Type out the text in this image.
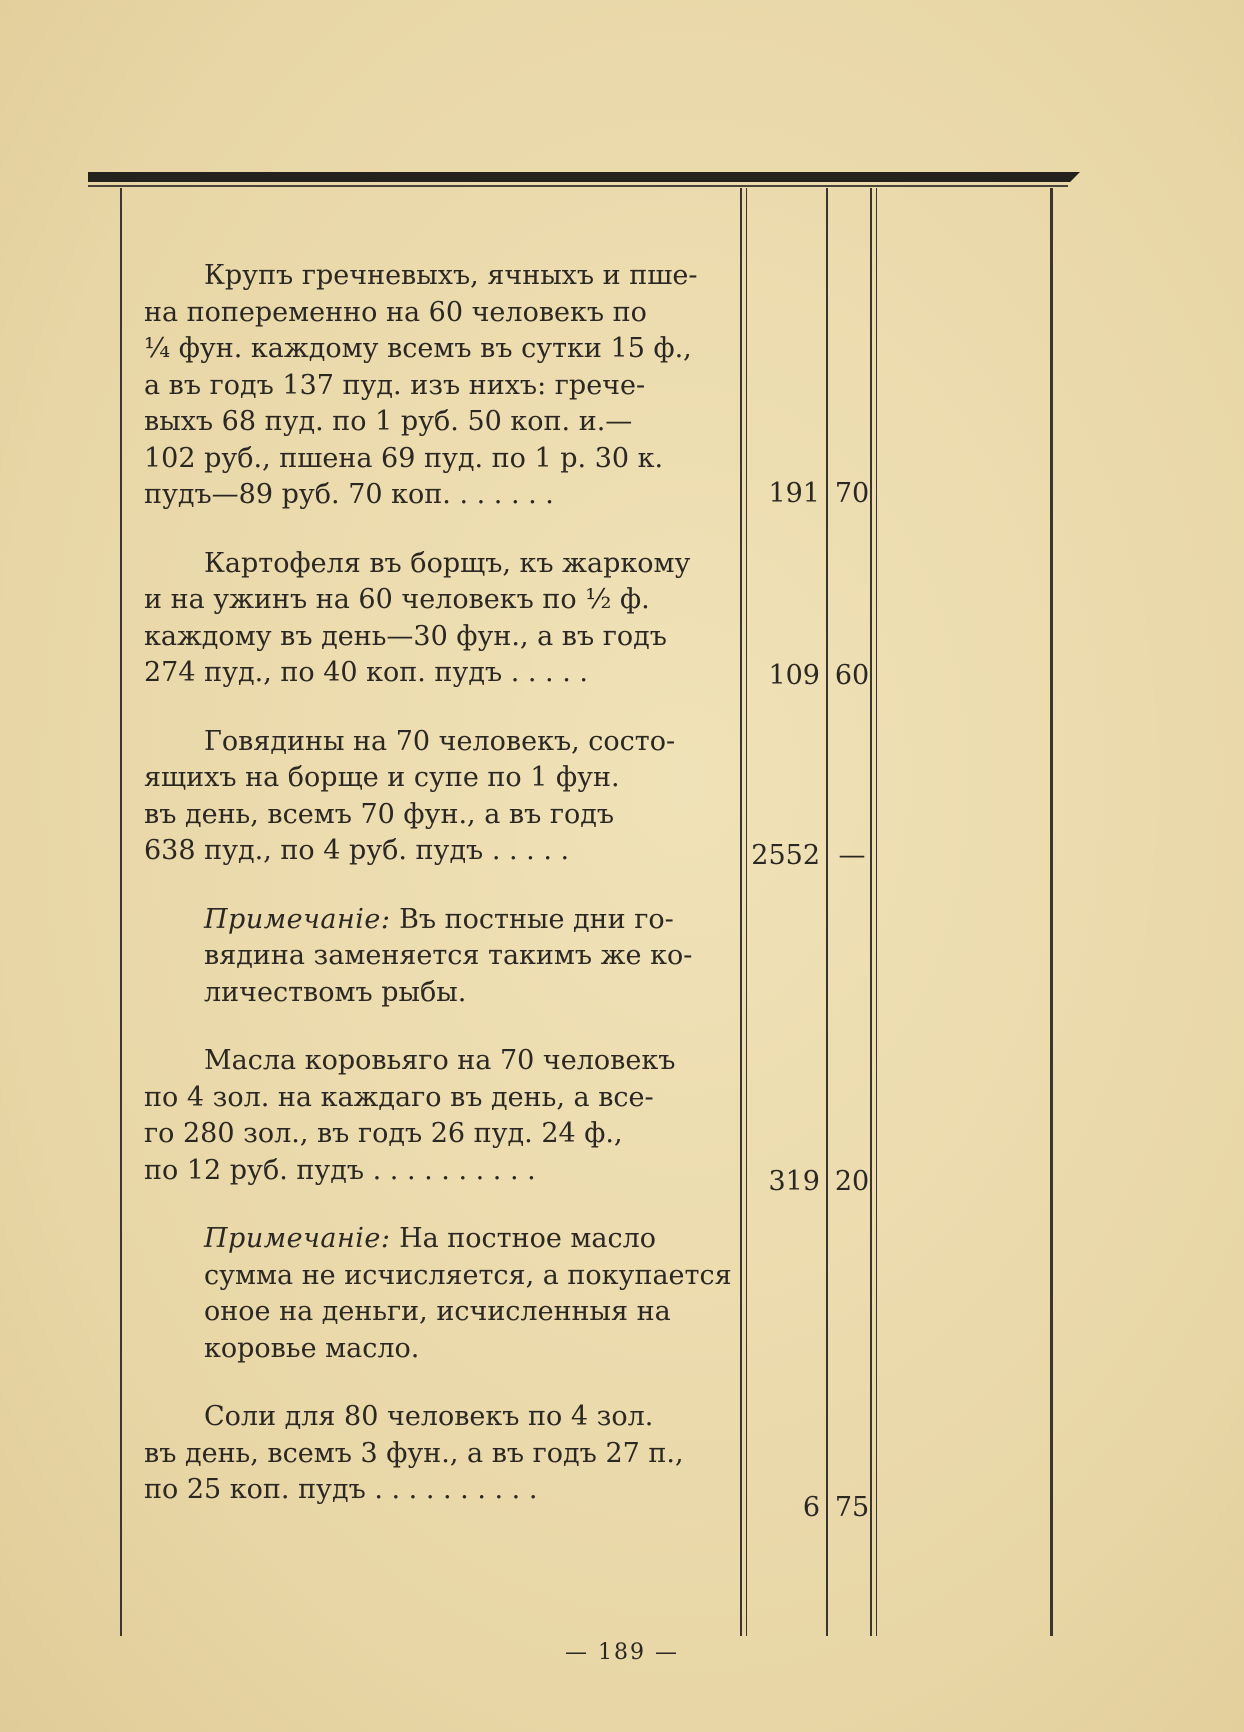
Крупъ гречневыхъ, ячныхъ и пше-
на попеременно на 60 человекъ по
¼ фун. каждому всемъ въ сутки 15 ф.,
а въ годъ 137 пуд. изъ нихъ: грече-
выхъ 68 пуд. по 1 руб. 50 коп. и.—
102 руб., пшена 69 пуд. по 1 р. 30 к.
пудъ—89 руб. 70 коп. . . . . . .
Картофеля въ борщъ, къ жаркому
и на ужинъ на 60 человекъ по ½ ф.
каждому въ день—30 фун., а въ годъ
274 пуд., по 40 коп. пудъ . . . . .
Говядины на 70 человекъ, состо-
ящихъ на борще и супе по 1 фун.
въ день, всемъ 70 фун., а въ годъ
638 пуд., по 4 руб. пудъ . . . . .
Примечаніе:
Въ постные дни го-
вядина заменяется такимъ же ко-
личествомъ рыбы.
Масла коровьяго на 70 человекъ
по 4 зол. на каждаго въ день, а все-
го 280 зол., въ годъ 26 пуд. 24 ф.,
по 12 руб. пудъ . . . . . . . . . .
Примечаніе:
На постное масло
сумма не исчисляется, а покупается
оное на деньги, исчисленныя на
коровье масло.
Соли для 80 человекъ по 4 зол.
въ день, всемъ 3 фун., а въ годъ 27 п.,
по 25 коп. пудъ . . . . . . . . . .
191 70
109 60
2552 —
319 20
6 75
— 189 —
